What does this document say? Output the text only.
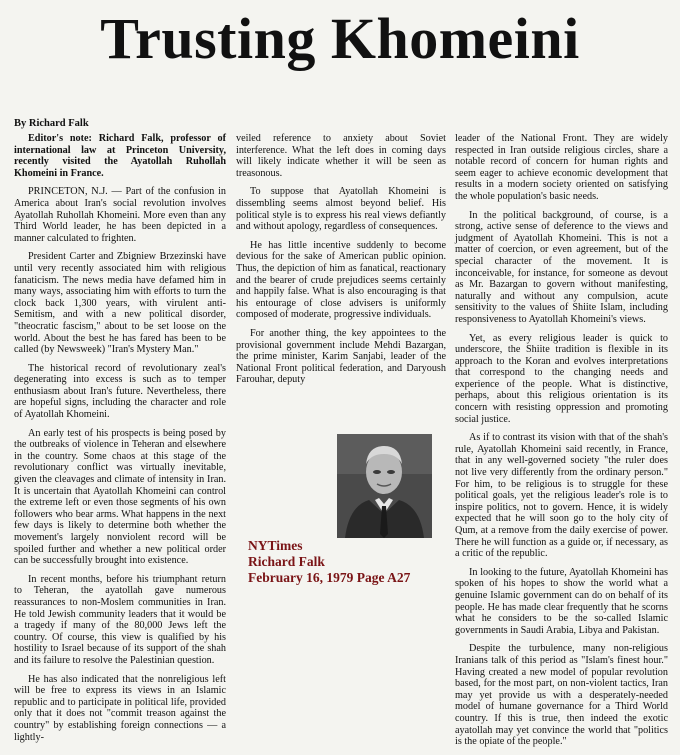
Trusting Khomeini
By Richard Falk

Editor's note: Richard Falk, professor of international law at Princeton University, recently visited the Ayatollah Ruhollah Khomeini in France.

PRINCETON, N.J. — Part of the confusion in America about Iran's social revolution involves Ayatollah Ruhollah Khomeini. More even than any Third World leader, he has been depicted in a manner calculated to frighten.

President Carter and Zbigniew Brzezinski have until very recently associated him with religious fanaticism. The news media have defamed him in many ways, associating him with efforts to turn the clock back 1,300 years, with virulent anti-Semitism, and with a new political disorder, "theocratic fascism," about to be set loose on the world. About the best he has fared has been to be called (by Newsweek) "Iran's Mystery Man."

The historical record of revolutionary zeal's degenerating into excess is such as to temper enthusiasm about Iran's future. Nevertheless, there are hopeful signs, including the character and role of Ayatollah Khomeini.

An early test of his prospects is being posed by the outbreaks of violence in Teheran and elsewhere in the country. Some chaos at this stage of the revolutionary conflict was virtually inevitable, given the cleavages and climate of intensity in Iran. It is uncertain that Ayatollah Khomeini can control the extreme left or even those segments of his own followers who bear arms. What happens in the next few days is likely to determine both whether the movement's largely nonviolent record will be spoiled further and whether a new political order can be successfully brought into existence.

In recent months, before his triumphant return to Teheran, the ayatollah gave numerous reassurances to non-Moslem communities in Iran. He told Jewish community leaders that it would be a tragedy if many of the 80,000 Jews left the country. Of course, this view is qualified by his hostility to Israel because of its support of the shah and its failure to resolve the Palestinian question.

He has also indicated that the nonreligious left will be free to express its views in an Islamic republic and to participate in political life, provided only that it does not "commit treason against the country" by establishing foreign connections — a lightly-

veiled reference to anxiety about Soviet interference. What the left does in coming days will likely indicate whether it will be seen as treasonous.

To suppose that Ayatollah Khomeini is dissembling seems almost beyond belief. His political style is to express his real views defiantly and without apology, regardless of consequences.

He has little incentive suddenly to become devious for the sake of American public opinion. Thus, the depiction of him as fanatical, reactionary and the bearer of crude prejudices seems certainly and happily false. What is also encouraging is that his entourage of close advisers is uniformly composed of moderate, progressive individuals.

For another thing, the key appointees to the provisional government include Mehdi Bazargan, the prime minister, Karim Sanjabi, leader of the National Front political federation, and Daryoush Farouhar, deputy

NYTimes
Richard Falk
February 16, 1979 Page A27

leader of the National Front. They are widely respected in Iran outside religious circles, share a notable record of concern for human rights and seem eager to achieve economic development that results in a modern society oriented on satisfying the whole population's basic needs.

In the political background, of course, is a strong, active sense of deference to the views and judgment of Ayatollah Khomeini. This is not a matter of coercion, or even agreement, but of the special character of the movement. It is inconceivable, for instance, for someone as devout as Mr. Bazargan to govern without manifesting, naturally and without any compulsion, acute sensitivity to the values of Shiite Islam, including responsiveness to Ayatollah Khomeini's views.

Yet, as every religious leader is quick to underscore, the Shiite tradition is flexible in its approach to the Koran and evolves interpretations that correspond to the changing needs and experience of the people. What is distinctive, perhaps, about this religious orientation is its concern with resisting oppression and promoting social justice.

As if to contrast its vision with that of the shah's rule, Ayatollah Khomeini said recently, in France, that in any well-governed society "the ruler does not live very differently from the ordinary person." For him, to be religious is to struggle for these political goals, yet the religious leader's role is to inspire politics, not to govern. Hence, it is widely expected that he will soon go to the holy city of Qum, at a remove from the daily exercise of power. There he will function as a guide or, if necessary, as a critic of the republic.

In looking to the future, Ayatollah Khomeini has spoken of his hopes to show the world what a genuine Islamic government can do on behalf of its people. He has made clear frequently that he scorns what he considers to be the so-called Islamic governments in Saudi Arabia, Libya and Pakistan.

Despite the turbulence, many non-religious Iranians talk of this period as "Islam's finest hour." Having created a new model of popular revolution based, for the most part, on non-violent tactics, Iran may yet provide us with a desperately-needed model of humane governance for a Third World country. If this is true, then indeed the exotic ayatollah may yet convince the world that "politics is the opiate of the people."
